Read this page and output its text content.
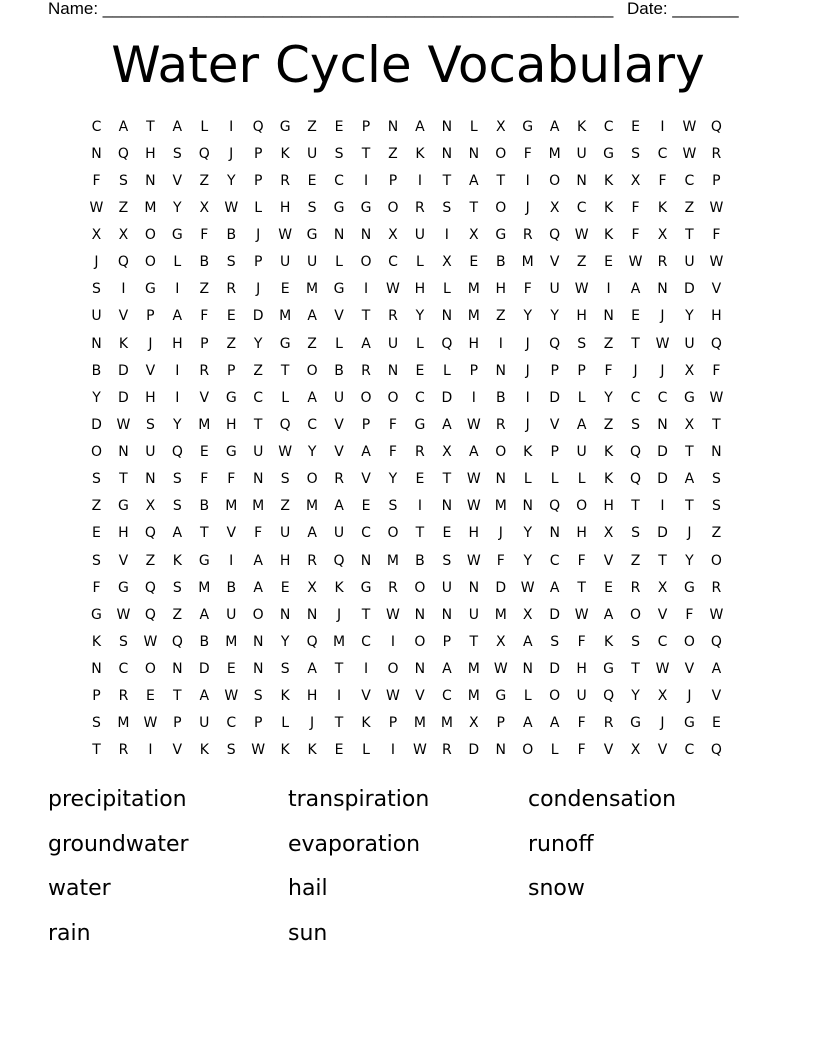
Name: ______________________________________________________ Date: _______
Water Cycle Vocabulary
C	A	T	A	L	I	Q	G	Z	E	P	N	A	N	L	X	G	A	K	C	E	I	W	Q
N	Q	H	S	Q	J	P	K	U	S	T	Z	K	N	N	O	F	M	U	G	S	C	W	R
F	S	N	V	Z	Y	P	R	E	C	I	P	I	T	A	T	I	O	N	K	X	F	C	P
W	Z	M	Y	X	W	L	H	S	G	G	O	R	S	T	O	J	X	C	K	F	K	Z	W
X	X	O	G	F	B	J	W	G	N	N	X	U	I	X	G	R	Q	W	K	F	X	T	F
J	Q	O	L	B	S	P	U	U	L	O	C	L	X	E	B	M	V	Z	E	W	R	U	W
S	I	G	I	Z	R	J	E	M	G	I	W	H	L	M	H	F	U	W	I	A	N	D	V
U	V	P	A	F	E	D	M	A	V	T	R	Y	N	M	Z	Y	Y	H	N	E	J	Y	H
N	K	J	H	P	Z	Y	G	Z	L	A	U	L	Q	H	I	J	Q	S	Z	T	W	U	Q
B	D	V	I	R	P	Z	T	O	B	R	N	E	L	P	N	J	P	P	F	J	J	X	F
Y	D	H	I	V	G	C	L	A	U	O	O	C	D	I	B	I	D	L	Y	C	C	G	W
D	W	S	Y	M	H	T	Q	C	V	P	F	G	A	W	R	J	V	A	Z	S	N	X	T
O	N	U	Q	E	G	U	W	Y	V	A	F	R	X	A	O	K	P	U	K	Q	D	T	N
S	T	N	S	F	F	N	S	O	R	V	Y	E	T	W	N	L	L	L	K	Q	D	A	S
Z	G	X	S	B	M	M	Z	M	A	E	S	I	N	W M	N	Q	O	H	T	I	T	S
E	H	Q	A	T	V	F	U	A	U	C	O	T	E	H	J	Y	N	H	X	S	D	J	Z
S	V	Z	K	G	I	A	H	R	Q	N	M	B	S	W	F	Y	C	F	V	Z	T	Y	O
F	G	Q	S	M	B	A	E	X	K	G	R	O	U	N	D	W	A	T	E	R	X	G	R
G	W	Q	Z	A	U	O	N	N	J	T	W	N	N	U	M	X	D	W	A	O	V	F	W
K	S	W	Q	B	M	N	Y	Q	M	C	I	O	P	T	X	A	S	F	K	S	C	O	Q
N	C	O	N	D	E	N	S	A	T	I	O	N	A	M W	N	D	H	G	T	W	V	A
P	R	E	T	A	W	S	K	H	I	V	W	V	C	M	G	L	O	U	Q	Y	X	J	V
S	M W	P	U	C	P	L	J	T	K	P	M	M	X	P	A	A	F	R	G	J	G	E
T	R	I	V	K	S	W	K	K	E	L	I	W	R	D	N	O	L	F	V	X	V	C	Q
precipitation	transpiration	condensation
groundwater	evaporation	runoff
water	hail	snow
rain	sun
